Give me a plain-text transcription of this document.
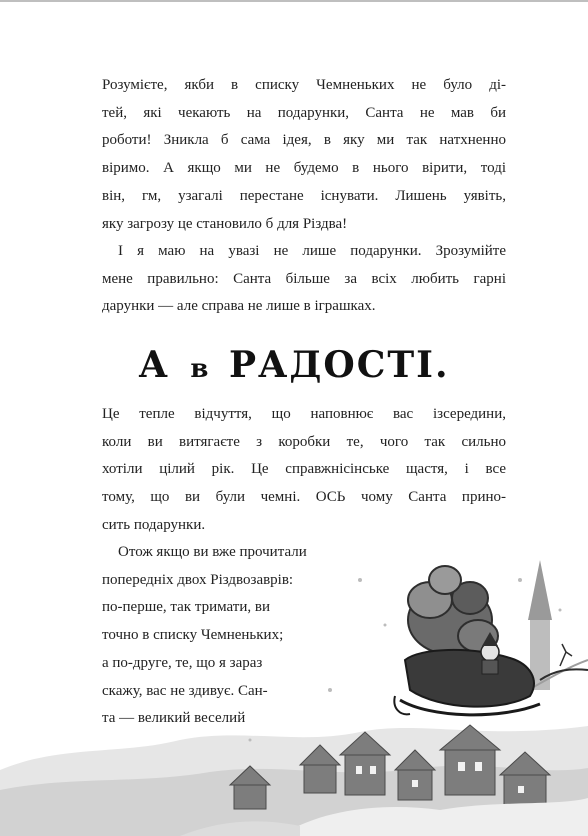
Розумієте, якби в списку Чемненьких не було ді-
тей, які чекають на подарунки, Санта не мав би
роботи! Зникла б сама ідея, в яку ми так натхненно
віримо. А якщо ми не будемо в нього вірити, тоді
він, гм, узагалі перестане існувати. Лишень уявіть,
яку загрозу це становило б для Різдва!
І я маю на увазі не лише подарунки. Зрозумійте
мене правильно: Санта більше за всіх любить гарні
дарунки — але справа не лише в іграшках.
А в РАДОСТІ.
Це тепле відчуття, що наповнює вас ізсередини,
коли ви витягаєте з коробки те, чого так сильно
хотіли цілий рік. Це справжнісінське щастя, і все
тому, що ви були чемні. ОСЬ чому Санта прино-
сить подарунки.
Отож якщо ви вже прочитали
попередніх двох Різдвозаврів:
по-перше, так тримати, ви
точно в списку Чемненьких;
а по-друге, те, що я зараз
скажу, вас не здивує. Сан-
та — великий веселий
